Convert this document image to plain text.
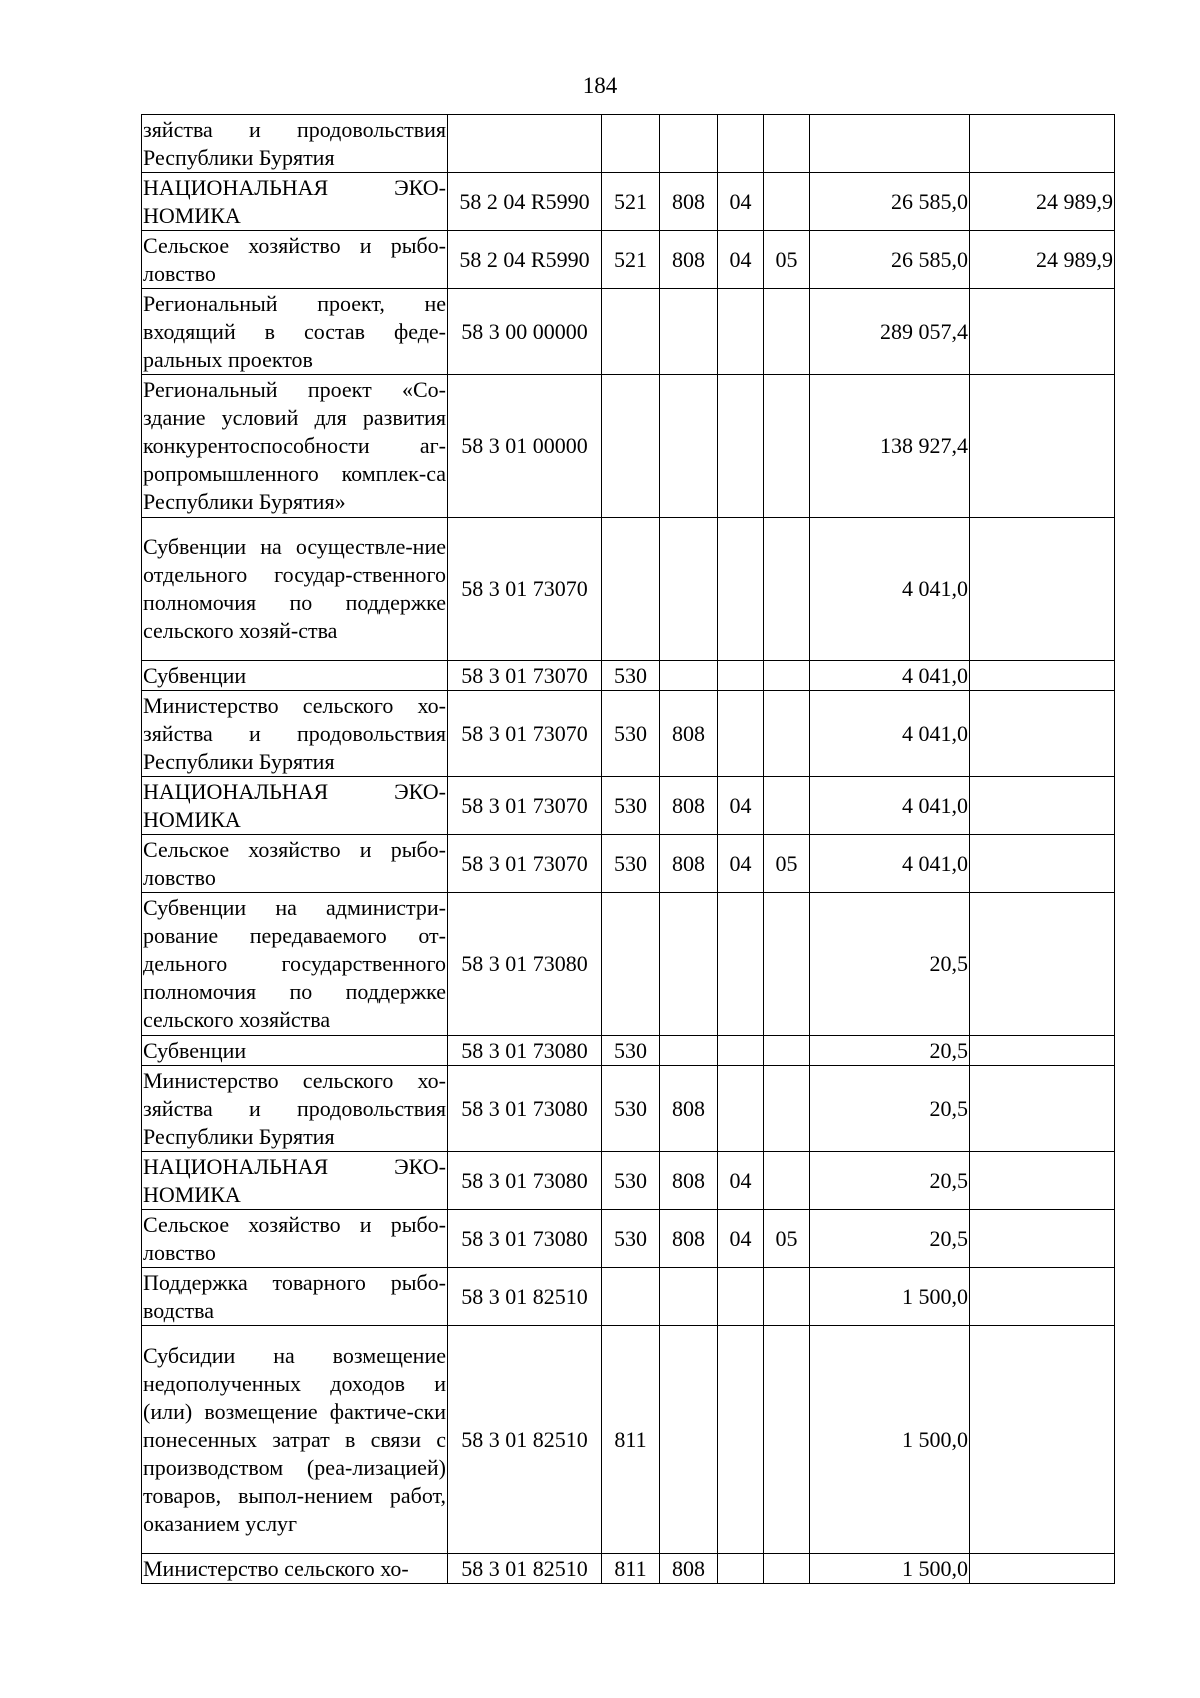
184
зяйства и продовольствия Республики Бурятия							
НАЦИОНАЛЬНАЯ ЭКО-НОМИКА	58 2 04 R5990	521	808	04		26 585,0	24 989,9
Сельское хозяйство и рыбо-ловство	58 2 04 R5990	521	808	04	05	26 585,0	24 989,9
Региональный проект, не входящий в состав феде-ральных проектов	58 3 00 00000					289 057,4	
Региональный проект «Со-здание условий для развития конкурентоспособности аг-ропромышленного комплек-са Республики Бурятия»	58 3 01 00000					138 927,4	
Субвенции на осуществле-ние отдельного государ-ственного полномочия по поддержке сельского хозяй-ства	58 3 01 73070					4 041,0	
Субвенции	58 3 01 73070	530				4 041,0	
Министерство сельского хо-зяйства и продовольствия Республики Бурятия	58 3 01 73070	530	808			4 041,0	
НАЦИОНАЛЬНАЯ ЭКО-НОМИКА	58 3 01 73070	530	808	04		4 041,0	
Сельское хозяйство и рыбо-ловство	58 3 01 73070	530	808	04	05	4 041,0	
Субвенции на администри-рование передаваемого от-дельного государственного полномочия по поддержке сельского хозяйства	58 3 01 73080					20,5	
Субвенции	58 3 01 73080	530				20,5	
Министерство сельского хо-зяйства и продовольствия Республики Бурятия	58 3 01 73080	530	808			20,5	
НАЦИОНАЛЬНАЯ ЭКО-НОМИКА	58 3 01 73080	530	808	04		20,5	
Сельское хозяйство и рыбо-ловство	58 3 01 73080	530	808	04	05	20,5	
Поддержка товарного рыбо-водства	58 3 01 82510					1 500,0	
Субсидии на возмещение недополученных доходов и (или) возмещение фактиче-ски понесенных затрат в связи с производством (реа-лизацией) товаров, выпол-нением работ, оказанием услуг	58 3 01 82510	811				1 500,0	
Министерство сельского хо-	58 3 01 82510	811	808			1 500,0	
